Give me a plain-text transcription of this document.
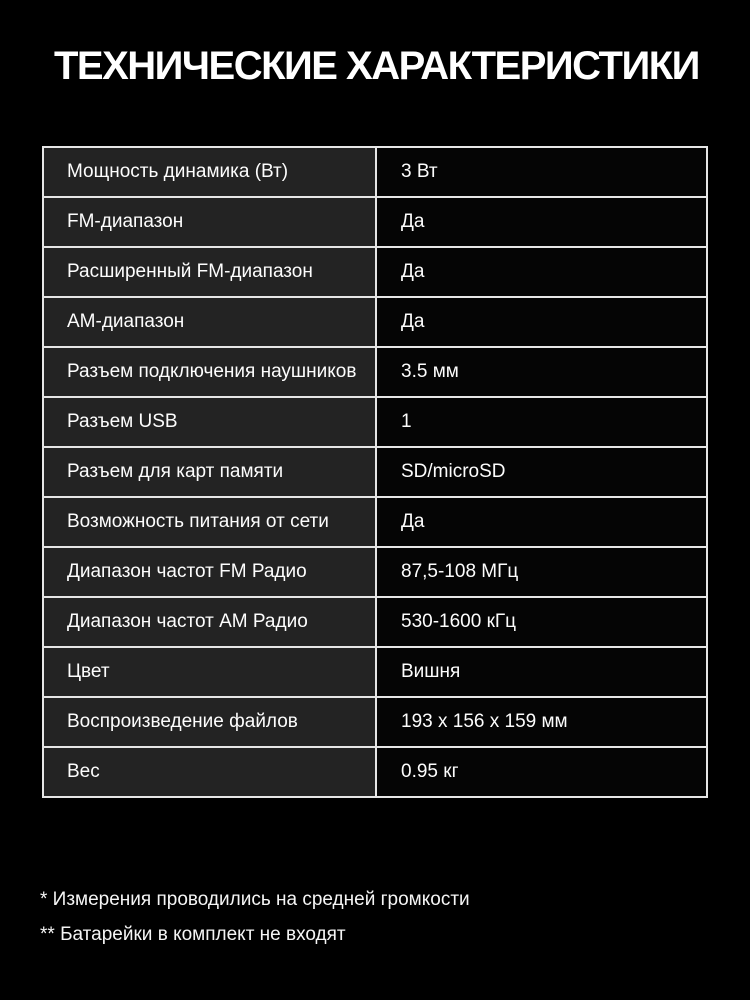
ТЕХНИЧЕСКИЕ ХАРАКТЕРИСТИКИ
Мощность динамика (Вт)	3 Вт
FM-диапазон	Да
Расширенный FM-диапазон	Да
АМ-диапазон	Да
Разъем подключения наушников	3.5 мм
Разъем USB	1
Разъем для карт памяти	SD/microSD
Возможность питания от сети	Да
Диапазон частот FM Радио	87,5-108 МГц
Диапазон частот АМ Радио	530-1600 кГц
Цвет	Вишня
Воспроизведение файлов	193 х 156 х 159 мм
Вес	0.95 кг

* Измерения проводились на средней громкости

** Батарейки в комплект не входят
